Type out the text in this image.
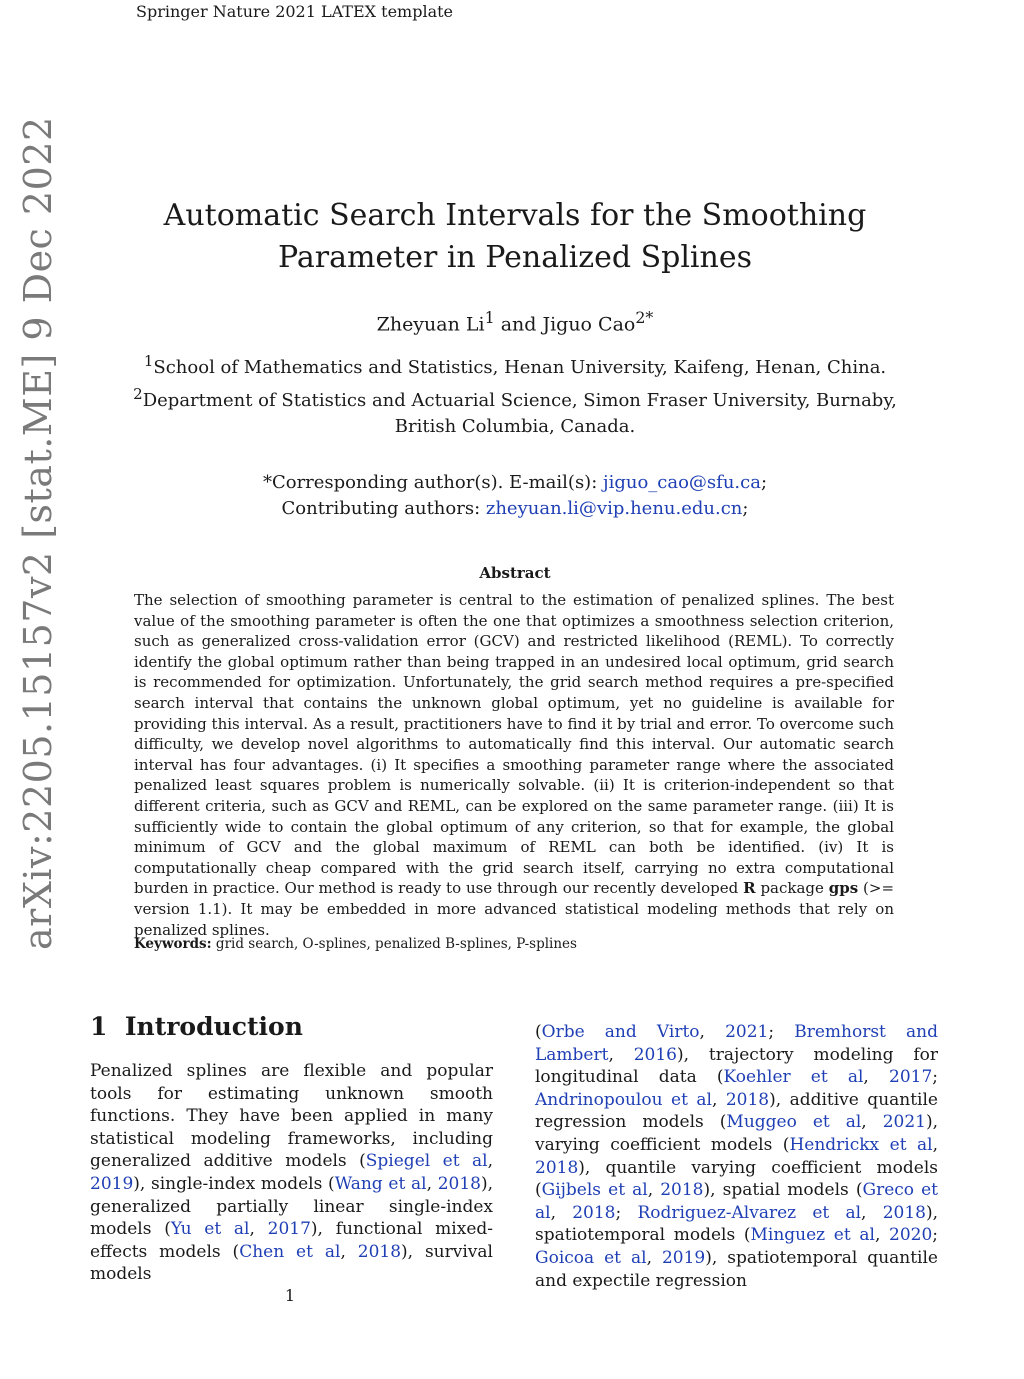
Springer Nature 2021 LATEX template
arXiv:2205.15157v2 [stat.ME] 9 Dec 2022	Automatic Search Intervals for the Smoothing Parameter in Penalized Splines
Zheyuan Li$^1$ and Jiguo Cao$^{2*}$
$^1$School of Mathematics and Statistics, Henan University, Kaifeng, Henan, China.
$^2$Department of Statistics and Actuarial Science, Simon Fraser University, Burnaby, British Columbia, Canada.
*Corresponding author(s). E-mail(s): jiguo_cao@sfu.ca;
Contributing authors: zheyuan.li@vip.henu.edu.cn;
Abstract
The selection of smoothing parameter is central to the estimation of penalized splines. The best value of the smoothing parameter is often the one that optimizes a smoothness selection criterion, such as generalized cross-validation error (GCV) and restricted likelihood (REML). To correctly identify the global optimum rather than being trapped in an undesired local optimum, grid search is recommended for optimization. Unfortunately, the grid search method requires a pre-specified search interval that contains the unknown global optimum, yet no guideline is available for providing this interval. As a result, practitioners have to find it by trial and error. To overcome such difficulty, we develop novel algorithms to automatically find this interval. Our automatic search interval has four advantages. (i) It specifies a smoothing parameter range where the associated penalized least squares problem is numerically solvable. (ii) It is criterion-independent so that different criteria, such as GCV and REML, can be explored on the same parameter range. (iii) It is sufficiently wide to contain the global optimum of any criterion, so that for example, the global minimum of GCV and the global maximum of REML can both be identified. (iv) It is computationally cheap compared with the grid search itself, carrying no extra computational burden in practice. Our method is ready to use through our recently developed R package gps (>= version 1.1). It may be embedded in more advanced statistical modeling methods that rely on penalized splines.
Keywords: grid search, O-splines, penalized B-splines, P-splines
1 Introduction
Penalized splines are flexible and popular tools for estimating unknown smooth functions. They have been applied in many statistical modeling frameworks, including generalized additive models (Spiegel et al, 2019), single-index models (Wang et al, 2018), generalized partially linear single-index models (Yu et al, 2017), functional mixed-effects models (Chen et al, 2018), survival models
(Orbe and Virto, 2021; Bremhorst and Lambert, 2016), trajectory modeling for longitudinal data (Koehler et al, 2017; Andrinopoulou et al, 2018), additive quantile regression models (Muggeo et al, 2021), varying coefficient models (Hendrickx et al, 2018), quantile varying coefficient models (Gijbels et al, 2018), spatial models (Greco et al, 2018; Rodriguez-Alvarez et al, 2018), spatiotemporal models (Minguez et al, 2020; Goicoa et al, 2019), spatiotemporal quantile and expectile regression
1
